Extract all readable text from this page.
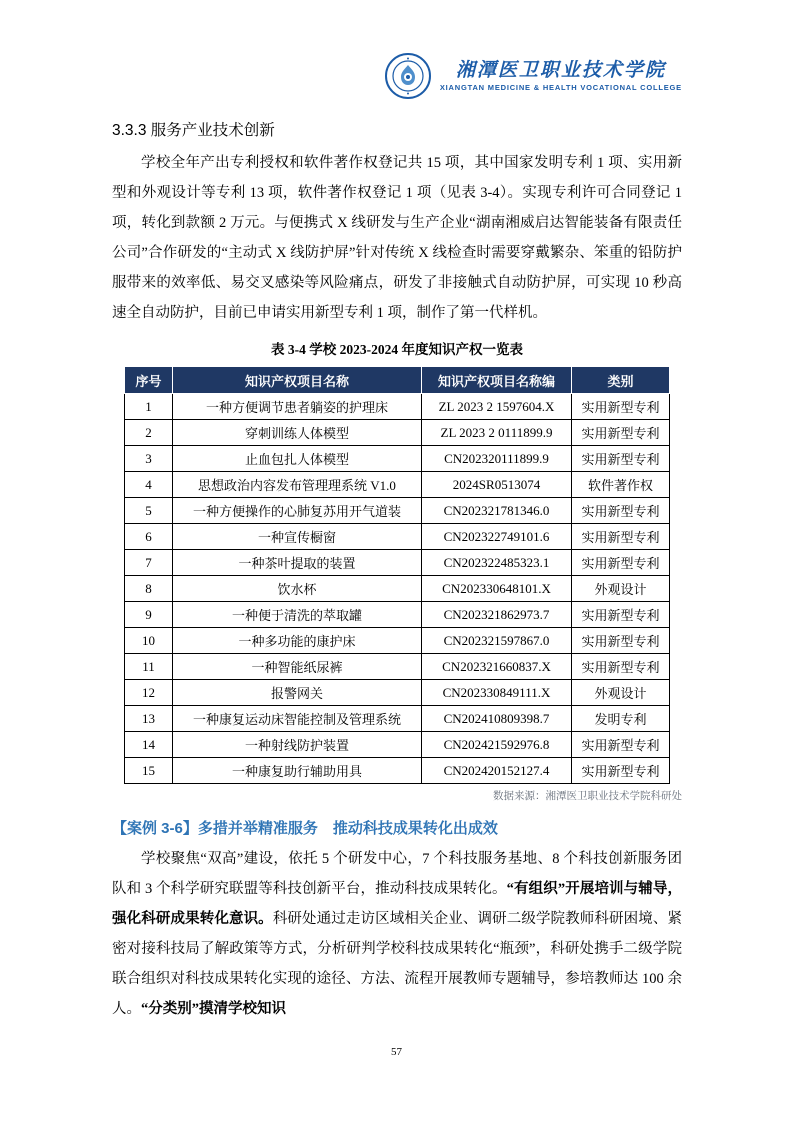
湘潭医卫职业技术学院
XIANGTAN MEDICINE & HEALTH VOCATIONAL COLLEGE
3.3.3 服务产业技术创新

学校全年产出专利授权和软件著作权登记共 15 项，其中国家发明专利 1 项、实用新型和外观设计等专利 13 项，软件著作权登记 1 项（见表 3-4）。实现专利许可合同登记 1 项，转化到款额 2 万元。与便携式 X 线研发与生产企业“湖南湘威启达智能装备有限责任公司”合作研发的“主动式 X 线防护屏”针对传统 X 线检查时需要穿戴繁杂、笨重的铅防护服带来的效率低、易交叉感染等风险痛点，研发了非接触式自动防护屏，可实现 10 秒高速全自动防护，目前已申请实用新型专利 1 项，制作了第一代样机。

表 3-4 学校 2023-2024 年度知识产权一览表
序号	知识产权项目名称	知识产权项目名称编	类别
1	一种方便调节患者躺姿的护理床	ZL 2023 2 1597604.X	实用新型专利
2	穿刺训练人体模型	ZL 2023 2 0111899.9	实用新型专利
3	止血包扎人体模型	CN202320111899.9	实用新型专利
4	思想政治内容发布管理理系统 V1.0	2024SR0513074	软件著作权
5	一种方便操作的心肺复苏用开气道装	CN202321781346.0	实用新型专利
6	一种宣传橱窗	CN202322749101.6	实用新型专利
7	一种茶叶提取的装置	CN202322485323.1	实用新型专利
8	饮水杯	CN202330648101.X	外观设计
9	一种便于清洗的萃取罐	CN202321862973.7	实用新型专利
10	一种多功能的康护床	CN202321597867.0	实用新型专利
11	一种智能纸尿裤	CN202321660837.X	实用新型专利
12	报警网关	CN202330849111.X	外观设计
13	一种康复运动床智能控制及管理系统	CN202410809398.7	发明专利
14	一种射线防护装置	CN202421592976.8	实用新型专利
15	一种康复助行辅助用具	CN202420152127.4	实用新型专利
数据来源：湘潭医卫职业技术学院科研处
【案例 3-6】多措并举精准服务　推动科技成果转化出成效

学校聚焦“双高”建设，依托 5 个研发中心，7 个科技服务基地、8 个科技创新服务团队和 3 个科学研究联盟等科技创新平台，推动科技成果转化。“有组织”开展培训与辅导，强化科研成果转化意识。科研处通过走访区域相关企业、调研二级学院教师科研困境、紧密对接科技局了解政策等方式，分析研判学校科技成果转化“瓶颈”，科研处携手二级学院联合组织对科技成果转化实现的途径、方法、流程开展教师专题辅导，参培教师达 100 余人。“分类别”摸清学校知识

57
